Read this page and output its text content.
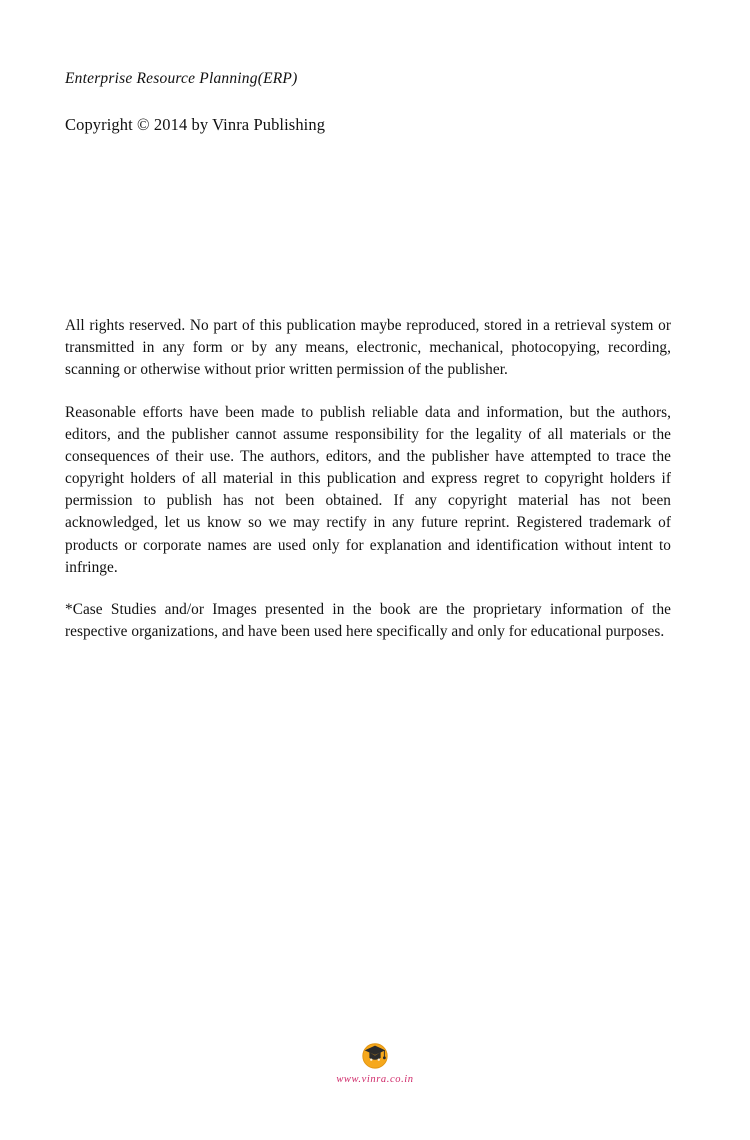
Enterprise Resource Planning(ERP)
Copyright © 2014 by Vinra Publishing

All rights reserved. No part of this publication maybe reproduced, stored in a retrieval system or transmitted in any form or by any means, electronic, mechanical, photocopying, recording, scanning or otherwise without prior written permission of the publisher.

Reasonable efforts have been made to publish reliable data and information, but the authors, editors, and the publisher cannot assume responsibility for the legality of all materials or the consequences of their use. The authors, editors, and the publisher have attempted to trace the copyright holders of all material in this publication and express regret to copyright holders if permission to publish has not been obtained. If any copyright material has not been acknowledged, let us know so we may rectify in any future reprint. Registered trademark of products or corporate names are used only for explanation and identification without intent to infringe.

*Case Studies and/or Images presented in the book are the proprietary information of the respective organizations, and have been used here specifically and only for educational purposes.

www.vinra.co.in
